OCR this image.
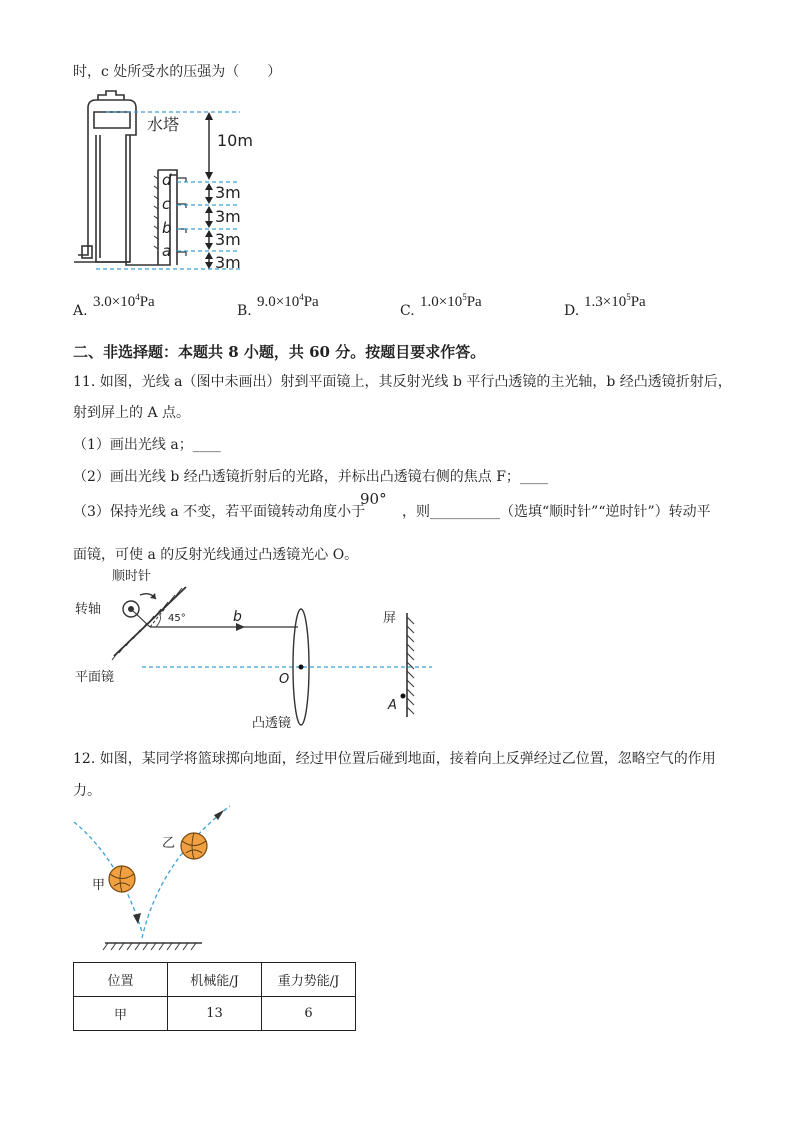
时，c 处所受水的压强为（　　）
水塔
10m
3m
3m
3m
3m
d
c
b
a
A.
$3.0\times 10^4Pa$
B.
$9.0\times 10^4Pa$
C.
$1.0\times 10^5Pa$
D.
$1.3\times 10^5Pa$
二、非选择题：本题共 8 小题，共 60 分。按题目要求作答。
11. 如图，光线 a（图中未画出）射到平面镜上，其反射光线 b 平行凸透镜的主光轴，b 经凸透镜折射后，
射到屏上的 A 点。
（1）画出光线 a；____
（2）画出光线 b 经凸透镜折射后的光路，并标出凸透镜右侧的焦点 F；____
（3）保持光线 a 不变，若平面镜转动角度小于
90°
，则__________（选填“顺时针”“逆时针”）转动平
面镜，可使 a 的反射光线通过凸透镜光心 O。
顺时针
转轴
45°	b
平面镜	O
凸透镜
屏
A
12. 如图，某同学将篮球掷向地面，经过甲位置后碰到地面，接着向上反弹经过乙位置，忽略空气的作用
力。
甲
乙
位置	机械能/J	重力势能/J
甲	13	6
